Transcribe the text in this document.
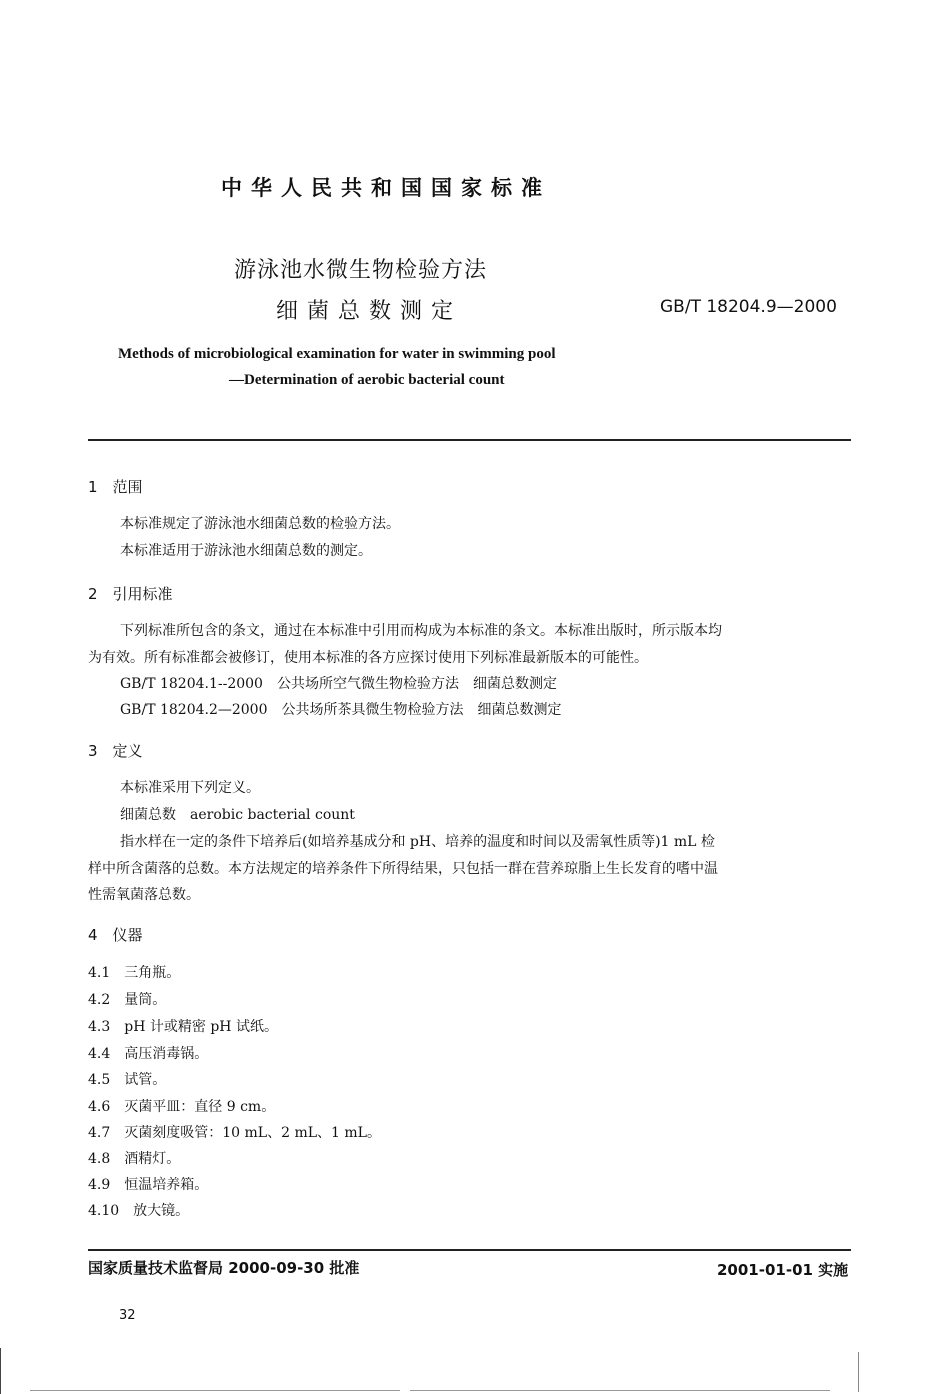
中华人民共和国国家标准
游泳池水微生物检验方法
细菌总数测定	GB/T 18204.9—2000
Methods of microbiological examination for water in swimming pool
—Determination of aerobic bacterial count
1　范围
本标准规定了游泳池水细菌总数的检验方法。
本标准适用于游泳池水细菌总数的测定。
2　引用标准
下列标准所包含的条文，通过在本标准中引用而构成为本标准的条文。本标准出版时，所示版本均
为有效。所有标准都会被修订，使用本标准的各方应探讨使用下列标准最新版本的可能性。
GB/T 18204.1--2000　公共场所空气微生物检验方法　细菌总数测定
GB/T 18204.2—2000　公共场所茶具微生物检验方法　细菌总数测定
3　定义
本标准采用下列定义。
细菌总数　aerobic bacterial count
指水样在一定的条件下培养后(如培养基成分和 pH、培养的温度和时间以及需氧性质等)1 mL 检
样中所含菌落的总数。本方法规定的培养条件下所得结果，只包括一群在营养琼脂上生长发育的嗜中温
性需氧菌落总数。
4　仪器
4.1　三角瓶。
4.2　量筒。
4.3　pH 计或精密 pH 试纸。
4.4　高压消毒锅。
4.5　试管。
4.6　灭菌平皿：直径 9 cm。
4.7　灭菌刻度吸管：10 mL、2 mL、1 mL。
4.8　酒精灯。
4.9　恒温培养箱。
4.10　放大镜。
国家质量技术监督局 2000-09-30 批准	2001-01-01 实施
32
